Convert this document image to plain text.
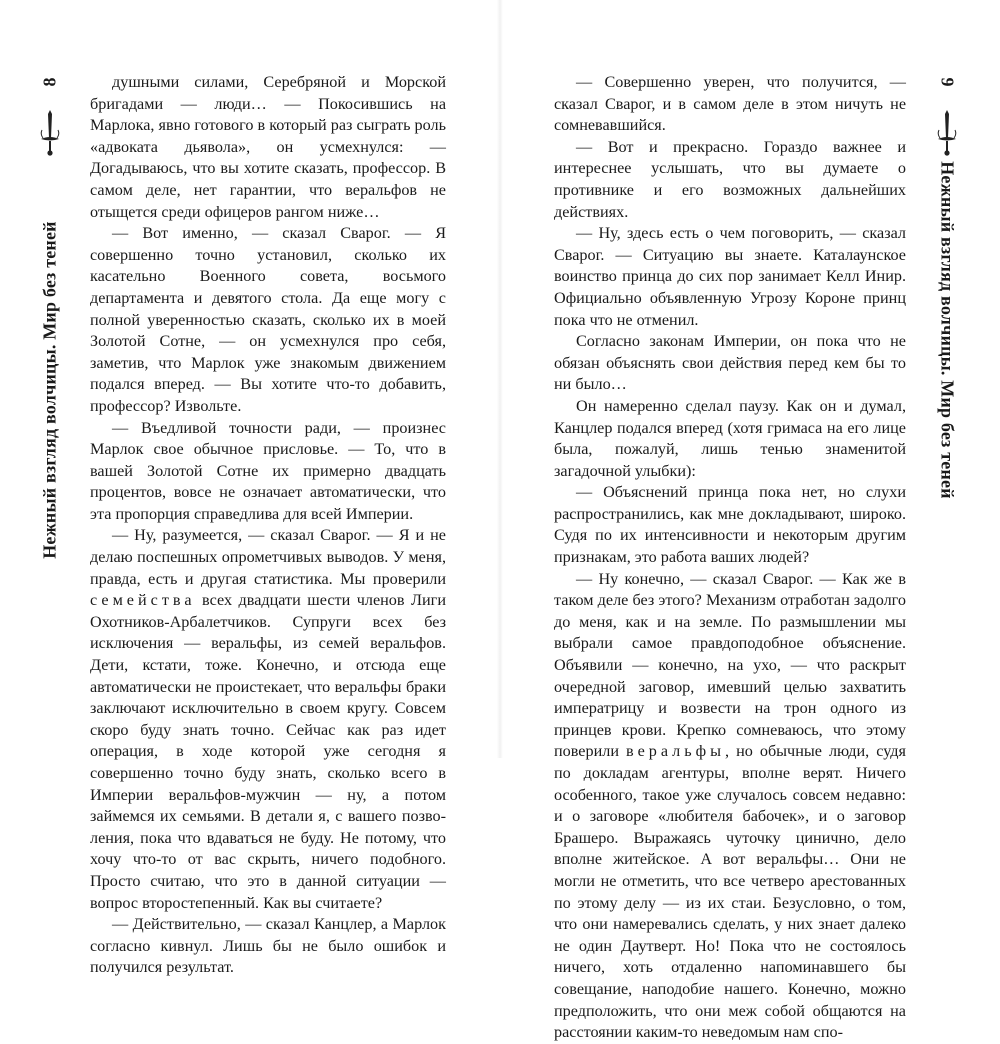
8
Нежный взгляд волчицы. Мир без теней

душными силами, Серебряной и Морской бригадами — люди… — Покосившись на Марлока, явно готового в который раз сыграть роль «адвоката дьявола», он усмехнулся: — Догадываюсь, что вы хотите сказать, профессор. В самом деле, нет гарантии, что веральфов не отыщется среди офицеров рангом ниже…

— Вот именно, — сказал Сварог. — Я совершенно точно установил, сколько их касательно Военного совета, восьмого департамента и девятого стола. Да еще могу с полной уверенностью сказать, сколько их в моей Золотой Сотне, — он усмехнулся про себя, заметив, что Марлок уже знакомым движением подался вперед. — Вы хотите что-то добавить, профессор? Извольте.

— Въедливой точности ради, — произнес Марлок свое обычное присловье. — То, что в вашей Золотой Сотне их примерно двадцать процентов, вовсе не означает автоматически, что эта пропорция справедлива для всей Империи.

— Ну, разумеется, — сказал Сварог. — Я и не делаю поспешных опрометчивых выводов. У меня, правда, есть и другая статистика. Мы проверили семейства всех двадцати шести членов Лиги Охотников-Арбалетчиков. Супруги всех без исключения — веральфы, из семей веральфов. Дети, кстати, тоже. Конечно, и отсюда еще автоматически не проистекает, что веральфы браки заключают исключительно в своем кругу. Совсем скоро буду знать точно. Сейчас как раз идет операция, в ходе которой уже сегодня я совершенно точно буду знать, сколько всего в Империи веральфов-мужчин — ну, а потом займемся их семьями. В детали я, с вашего позволения, пока что вдаваться не буду. Не потому, что хочу что-то от вас скрыть, ничего подобного. Просто считаю, что это в данной ситуации — вопрос второстепенный. Как вы считаете?

— Действительно, — сказал Канцлер, а Марлок согласно кивнул. Лишь бы не было ошибок и получился результат.

9
Нежный взгляд волчицы. Мир без теней

— Совершенно уверен, что получится, — сказал Сварог, и в самом деле в этом ничуть не сомневавшийся.

— Вот и прекрасно. Гораздо важнее и интереснее услышать, что вы думаете о противнике и его возможных дальнейших действиях.

— Ну, здесь есть о чем поговорить, — сказал Сварог. — Ситуацию вы знаете. Каталаунское воинство принца до сих пор занимает Келл Инир. Официально объявленную Угрозу Короне принц пока что не отменил.

Согласно законам Империи, он пока что не обязан объяснять свои действия перед кем бы то ни было…

Он намеренно сделал паузу. Как он и думал, Канцлер подался вперед (хотя гримаса на его лице была, пожалуй, лишь тенью знаменитой загадочной улыбки):

— Объяснений принца пока нет, но слухи распространились, как мне докладывают, широко. Судя по их интенсивности и некоторым другим признакам, это работа ваших людей?

— Ну конечно, — сказал Сварог. — Как же в таком деле без этого? Механизм отработан задолго до меня, как и на земле. По размышлении мы выбрали самое правдоподобное объяснение. Объявили — конечно, на ухо, — что раскрыт очередной заговор, имевший целью захватить императрицу и возвести на трон одного из принцев крови. Крепко сомневаюсь, что этому поверили веральфы, но обычные люди, судя по докладам агентуры, вполне верят. Ничего особенного, такое уже случалось совсем недавно: и о заговоре «любителя бабочек», и о заговор Брашеро. Выражаясь чуточку цинично, дело вполне житейское. А вот веральфы… Они не могли не отметить, что все четверо арестованных по этому делу — из их стаи. Безусловно, о том, что они намеревались сделать, у них знает далеко не один Даутверт. Но! Пока что не состоялось ничего, хоть отдаленно напоминавшего бы совещание, наподобие нашего. Конечно, можно предположить, что они меж собой общаются на расстоянии каким-то неведомым нам спо-
